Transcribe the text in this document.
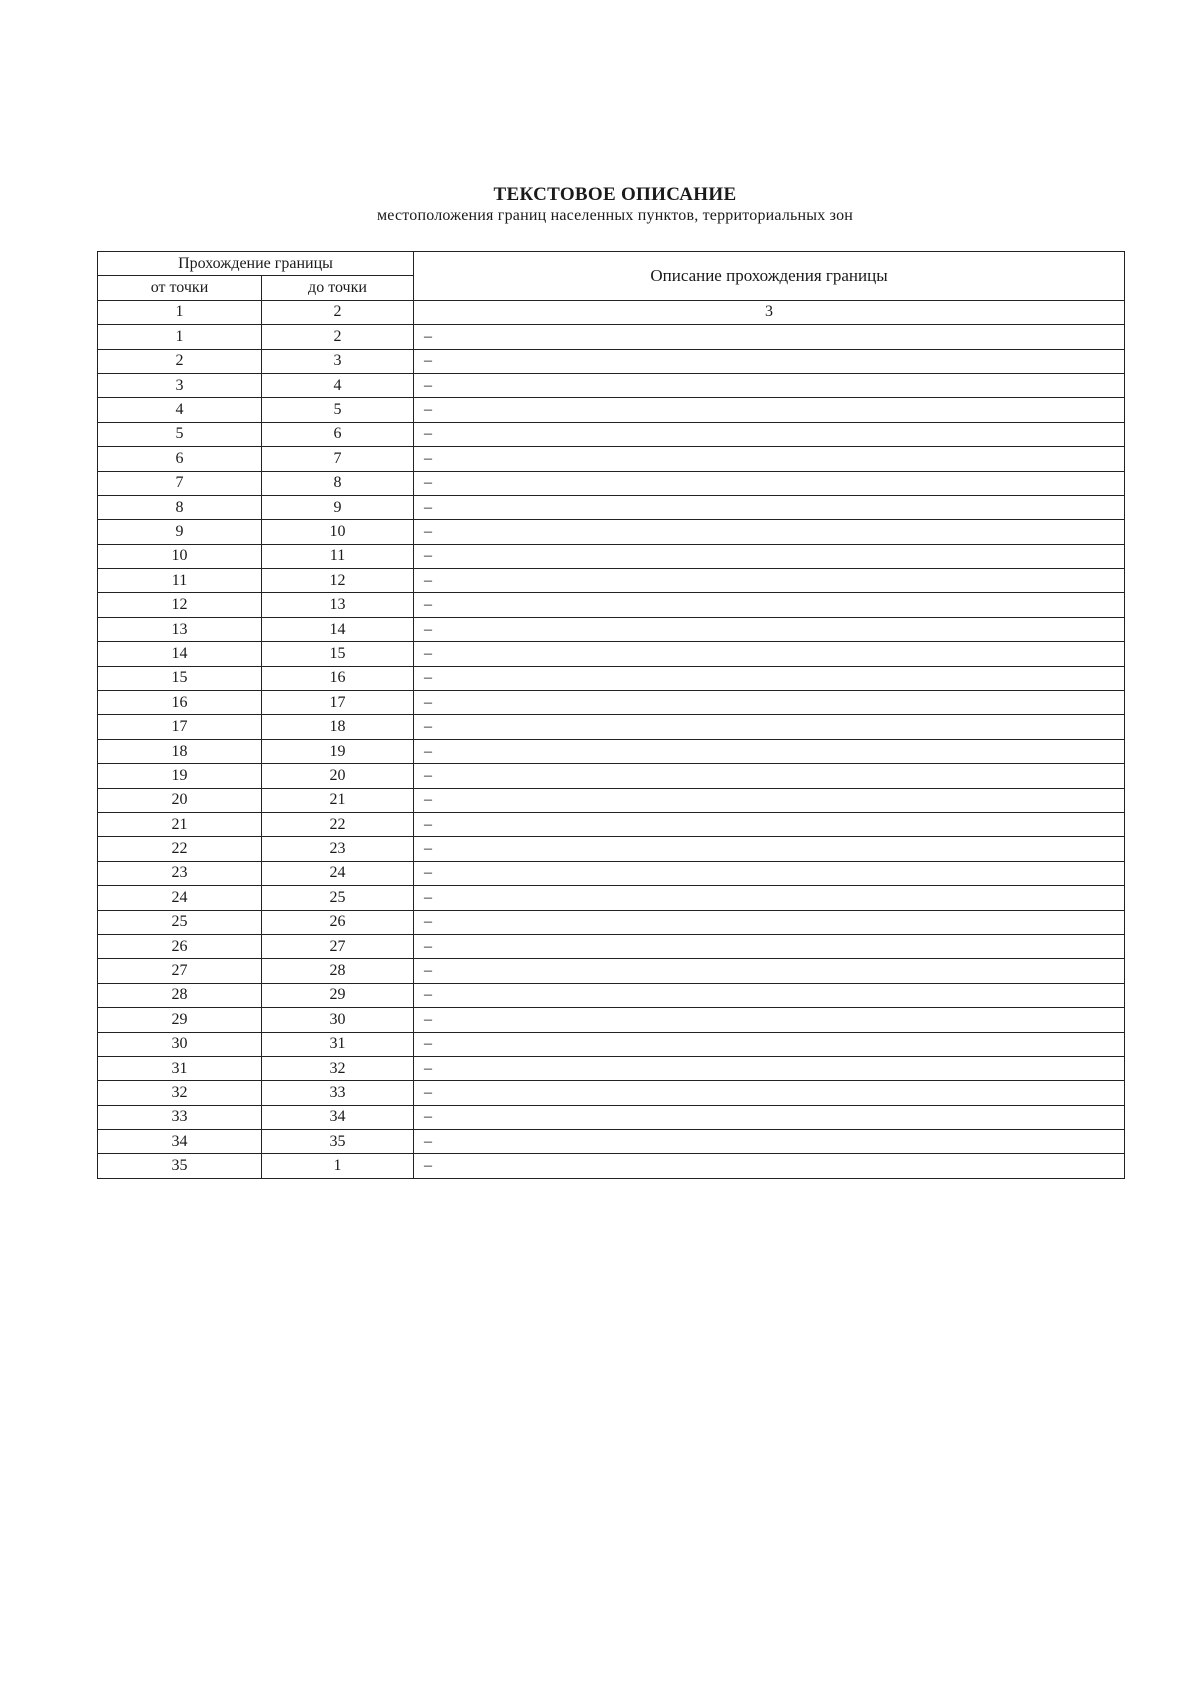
ТЕКСТОВОЕ ОПИСАНИЕ
местоположения границ населенных пунктов, территориальных зон
Прохождение границы		Описание прохождения границы
от точки	до точки	
1	2	3
1	2	–
2	3	–
3	4	–
4	5	–
5	6	–
6	7	–
7	8	–
8	9	–
9	10	–
10	11	–
11	12	–
12	13	–
13	14	–
14	15	–
15	16	–
16	17	–
17	18	–
18	19	–
19	20	–
20	21	–
21	22	–
22	23	–
23	24	–
24	25	–
25	26	–
26	27	–
27	28	–
28	29	–
29	30	–
30	31	–
31	32	–
32	33	–
33	34	–
34	35	–
35	1	–
